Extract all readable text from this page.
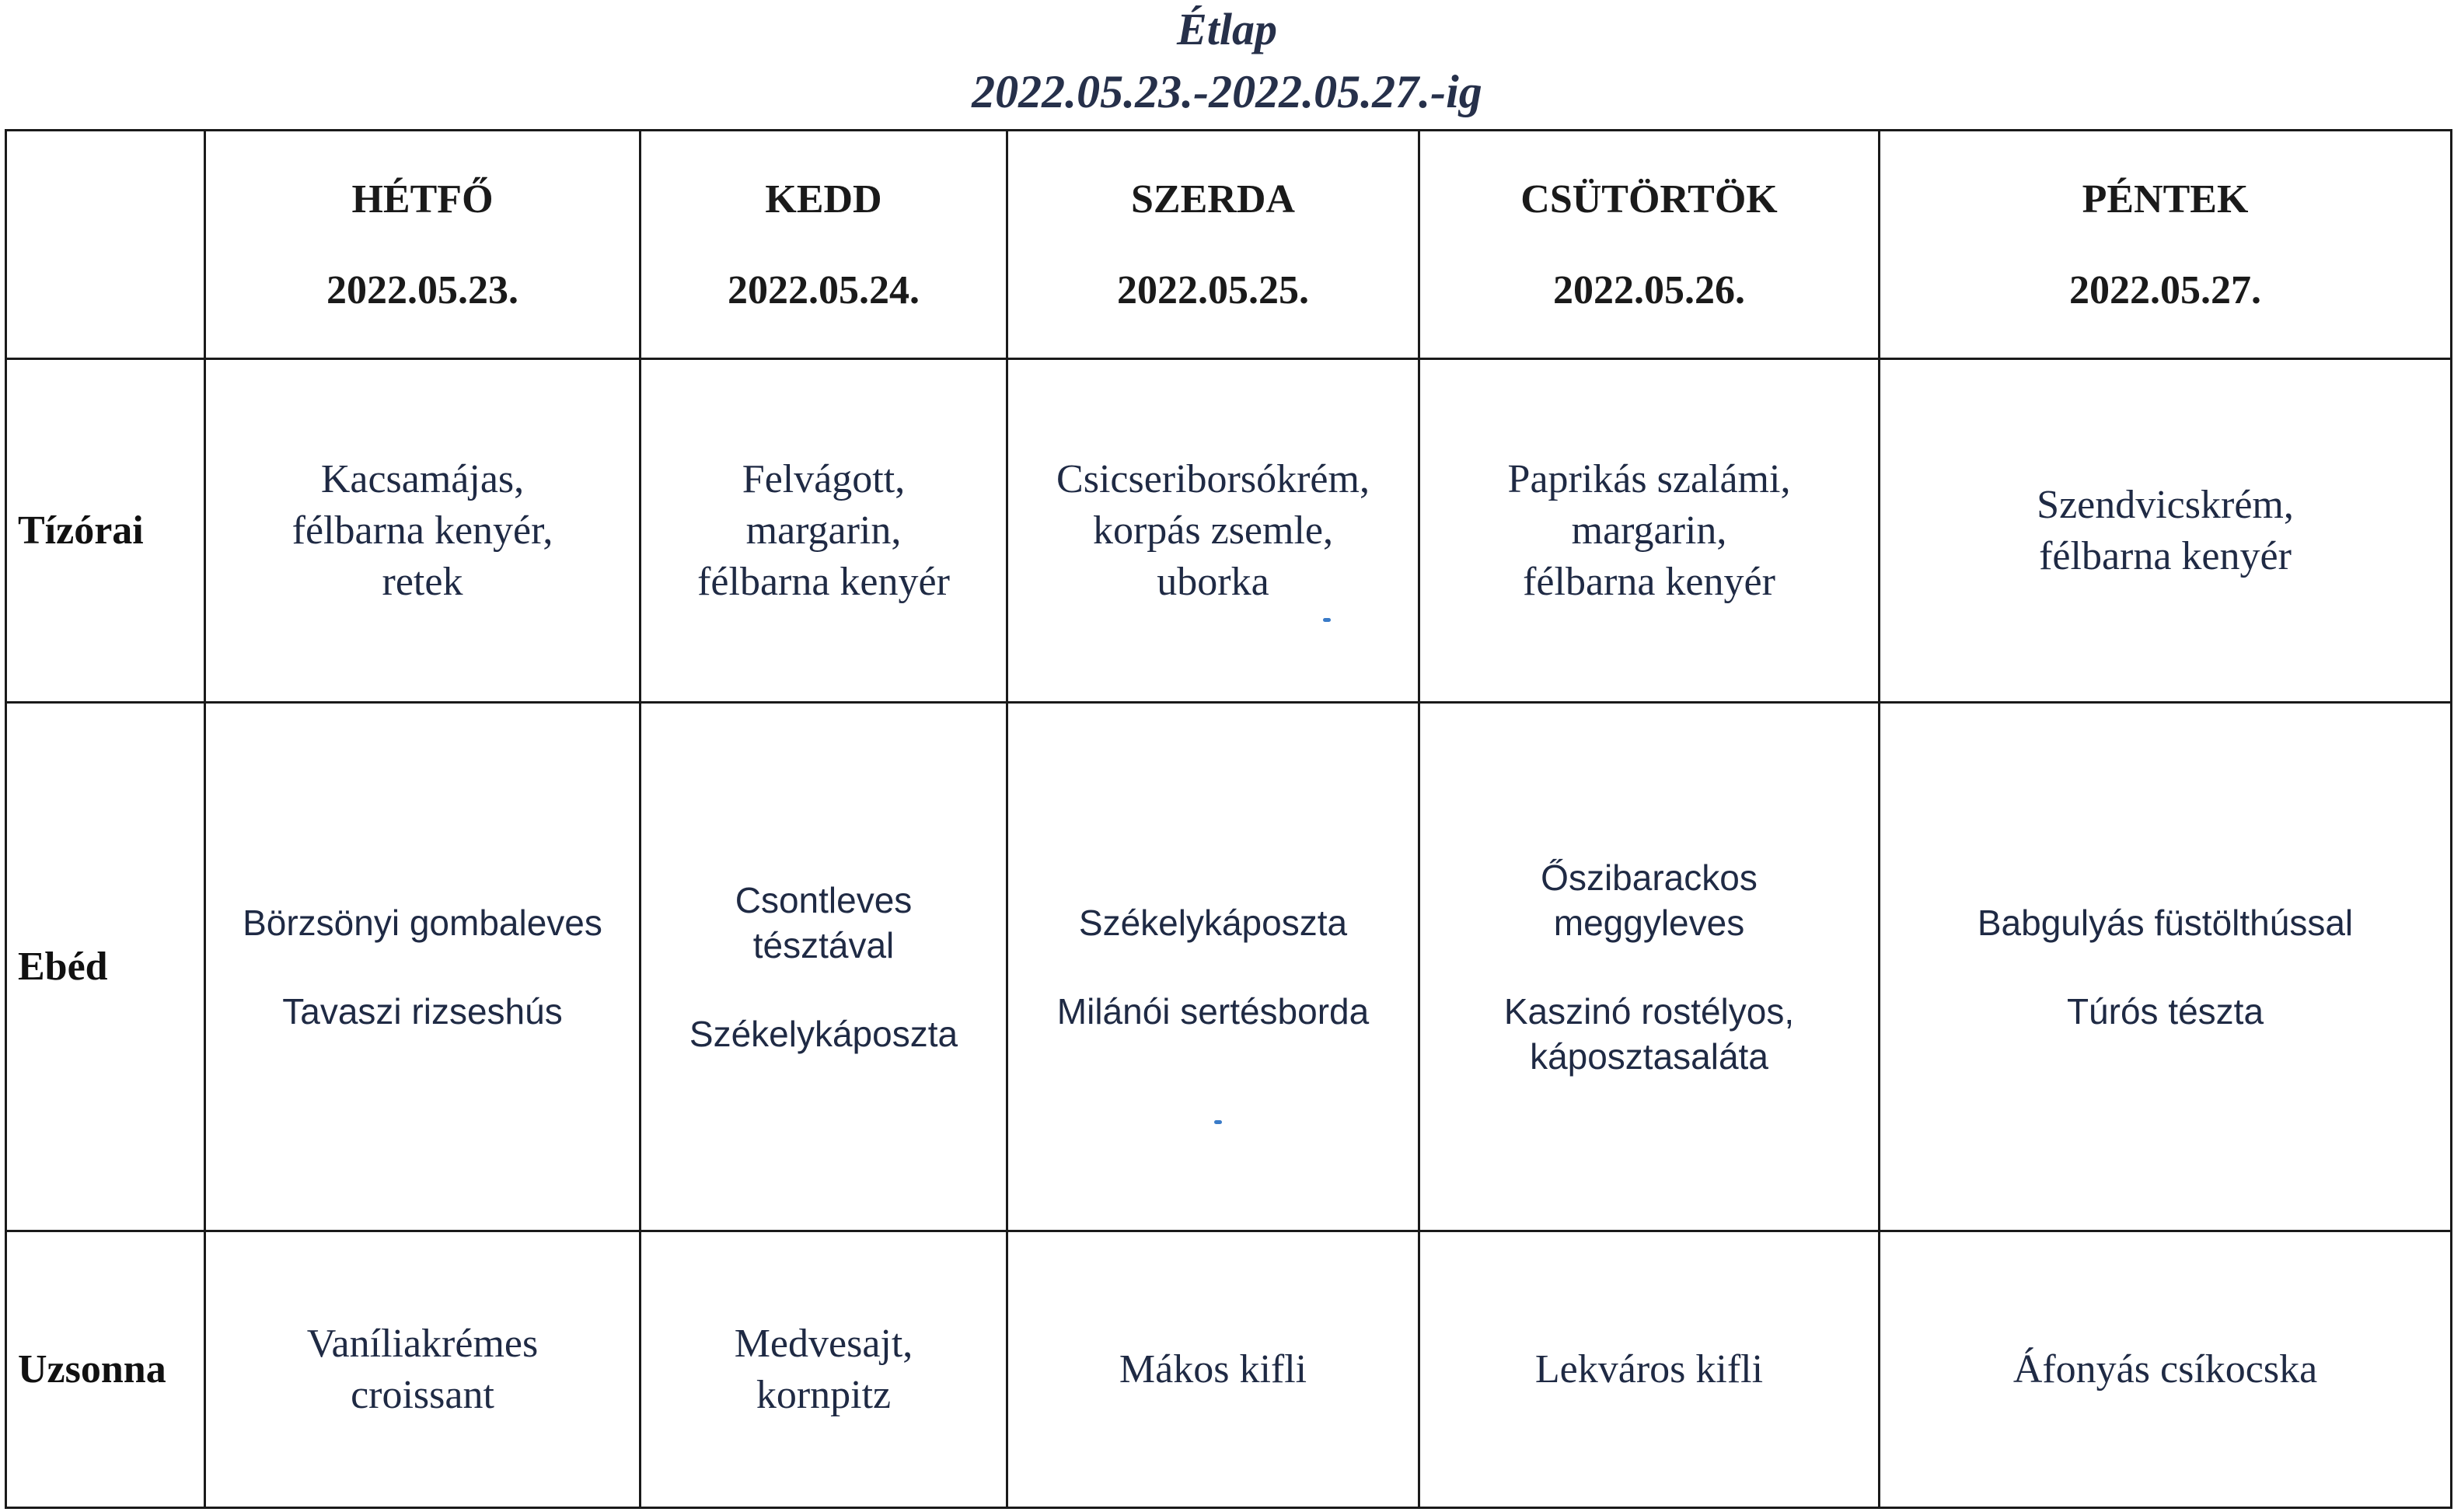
Étlap
2022.05.23.-2022.05.27.-ig

	HÉTFŐ
2022.05.23.	KEDD
2022.05.24.	SZERDA
2022.05.25.	CSÜTÖRTÖK
2022.05.26.	PÉNTEK
2022.05.27.

Tízórai	Kacsamájas,
félbarna kenyér,
retek	Felvágott,
margarin,
félbarna kenyér	Csicseriborsókrém,
korpás zsemle,
uborka	Paprikás szalámi,
margarin,
félbarna kenyér	Szendvicskrém,
félbarna kenyér

Ebéd	Börzsönyi gombaleves
Tavaszi rizseshús	Csontleves
tésztával
Székelykáposzta	Székelykáposzta
Milánói sertésborda	Őszibarackos
meggyleves
Kaszinó rostélyos,
káposztasaláta	Babgulyás füstölthússal
Túrós tészta

Uzsonna	Vaníliakrémes
croissant	Medvesajt,
kornpitz	Mákos kifli	Lekváros kifli	Áfonyás csíkocska
